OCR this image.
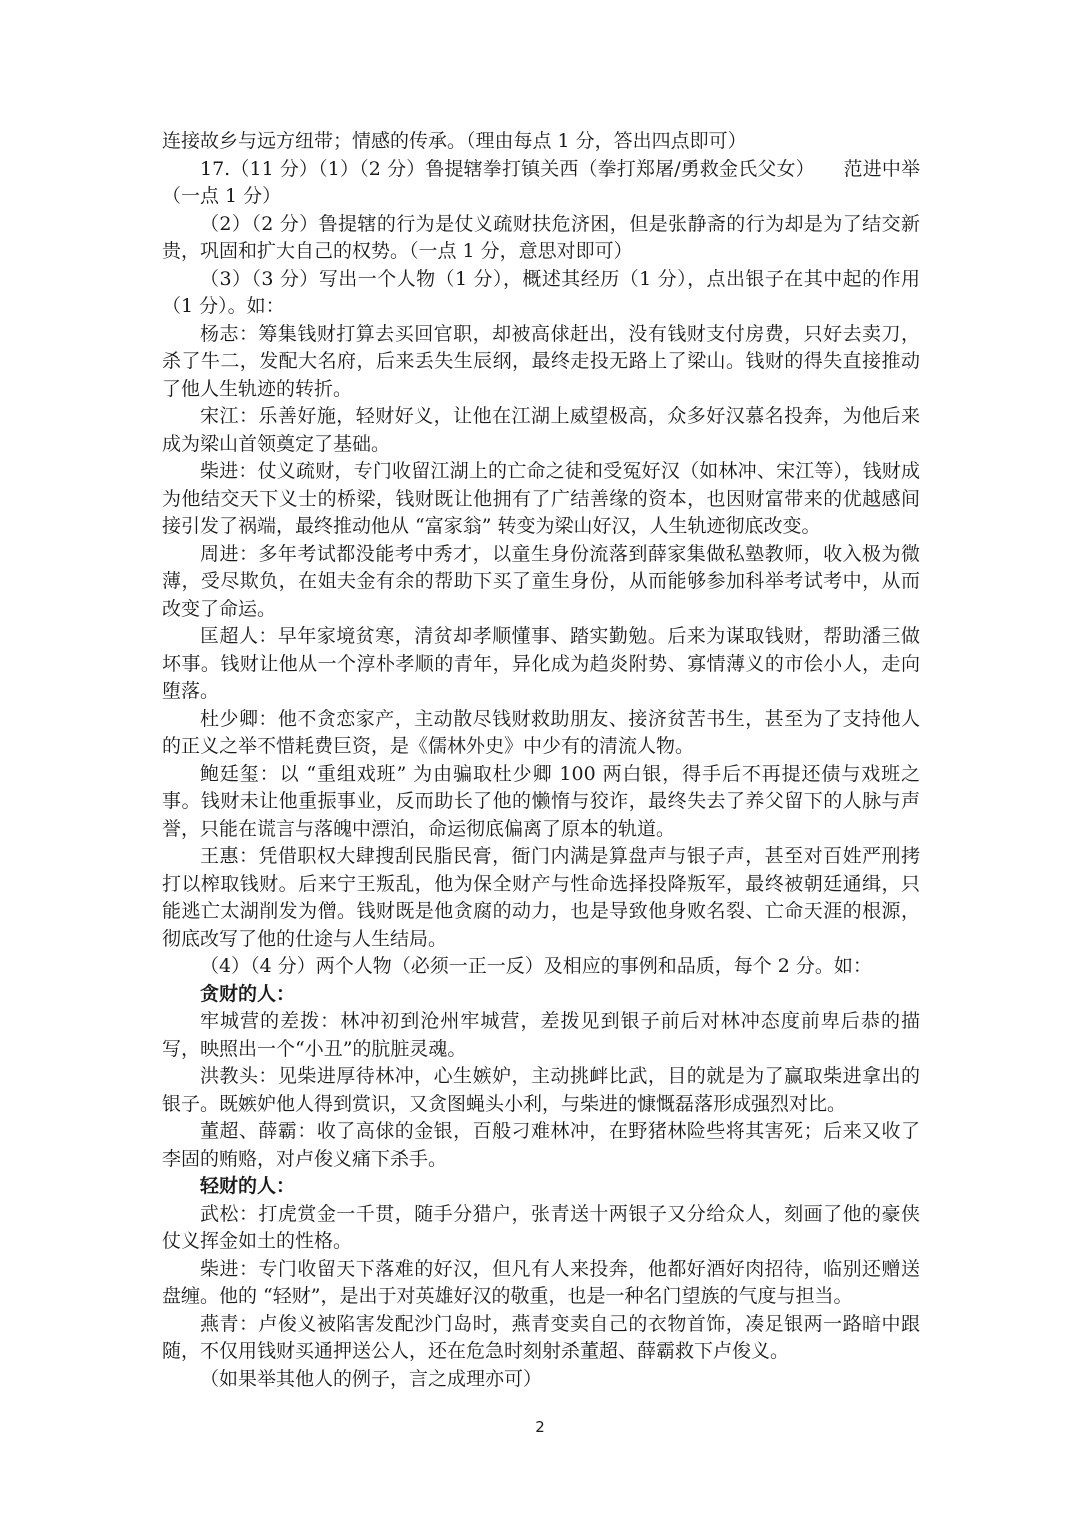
连接故乡与远方纽带；情感的传承。（理由每点 1 分，答出四点即可）

17.（11 分）（1）（2 分）鲁提辖拳打镇关西（拳打郑屠/勇救金氏父女）　　范进中举（一点 1 分）

（2）（2 分）鲁提辖的行为是仗义疏财扶危济困，但是张静斋的行为却是为了结交新贵，巩固和扩大自己的权势。（一点 1 分，意思对即可）

（3）（3 分）写出一个人物（1 分），概述其经历（1 分），点出银子在其中起的作用（1 分）。如：

杨志：筹集钱财打算去买回官职，却被高俅赶出，没有钱财支付房费，只好去卖刀，杀了牛二，发配大名府，后来丢失生辰纲，最终走投无路上了梁山。钱财的得失直接推动了他人生轨迹的转折。

宋江：乐善好施，轻财好义，让他在江湖上威望极高，众多好汉慕名投奔，为他后来成为梁山首领奠定了基础。

柴进：仗义疏财，专门收留江湖上的亡命之徒和受冤好汉（如林冲、宋江等），钱财成为他结交天下义士的桥梁，钱财既让他拥有了广结善缘的资本，也因财富带来的优越感间接引发了祸端，最终推动他从 “富家翁” 转变为梁山好汉，人生轨迹彻底改变。

周进：多年考试都没能考中秀才，以童生身份流落到薛家集做私塾教师，收入极为微薄，受尽欺负，在姐夫金有余的帮助下买了童生身份，从而能够参加科举考试考中，从而改变了命运。

匡超人：早年家境贫寒，清贫却孝顺懂事、踏实勤勉。后来为谋取钱财，帮助潘三做坏事。钱财让他从一个淳朴孝顺的青年，异化成为趋炎附势、寡情薄义的市侩小人，走向堕落。

杜少卿：他不贪恋家产，主动散尽钱财救助朋友、接济贫苦书生，甚至为了支持他人的正义之举不惜耗费巨资，是《儒林外史》中少有的清流人物。

鲍廷玺：以 “重组戏班” 为由骗取杜少卿 100 两白银，得手后不再提还债与戏班之事。钱财未让他重振事业，反而助长了他的懒惰与狡诈，最终失去了养父留下的人脉与声誉，只能在谎言与落魄中漂泊，命运彻底偏离了原本的轨道。

王惠：凭借职权大肆搜刮民脂民膏，衙门内满是算盘声与银子声，甚至对百姓严刑拷打以榨取钱财。后来宁王叛乱，他为保全财产与性命选择投降叛军，最终被朝廷通缉，只能逃亡太湖削发为僧。钱财既是他贪腐的动力，也是导致他身败名裂、亡命天涯的根源，彻底改写了他的仕途与人生结局。

（4）（4 分）两个人物（必须一正一反）及相应的事例和品质，每个 2 分。如：

贪财的人：

牢城营的差拨：林冲初到沧州牢城营，差拨见到银子前后对林冲态度前卑后恭的描写，映照出一个“小丑”的肮脏灵魂。

洪教头：见柴进厚待林冲，心生嫉妒，主动挑衅比武，目的就是为了赢取柴进拿出的银子。既嫉妒他人得到赏识，又贪图蝇头小利，与柴进的慷慨磊落形成强烈对比。

董超、薛霸：收了高俅的金银，百般刁难林冲，在野猪林险些将其害死；后来又收了李固的贿赂，对卢俊义痛下杀手。

轻财的人：

武松：打虎赏金一千贯，随手分猎户，张青送十两银子又分给众人，刻画了他的豪侠仗义挥金如土的性格。

柴进：专门收留天下落难的好汉，但凡有人来投奔，他都好酒好肉招待，临别还赠送盘缠。他的 “轻财”，是出于对英雄好汉的敬重，也是一种名门望族的气度与担当。

燕青：卢俊义被陷害发配沙门岛时，燕青变卖自己的衣物首饰，凑足银两一路暗中跟随，不仅用钱财买通押送公人，还在危急时刻射杀董超、薛霸救下卢俊义。

（如果举其他人的例子，言之成理亦可）

2
